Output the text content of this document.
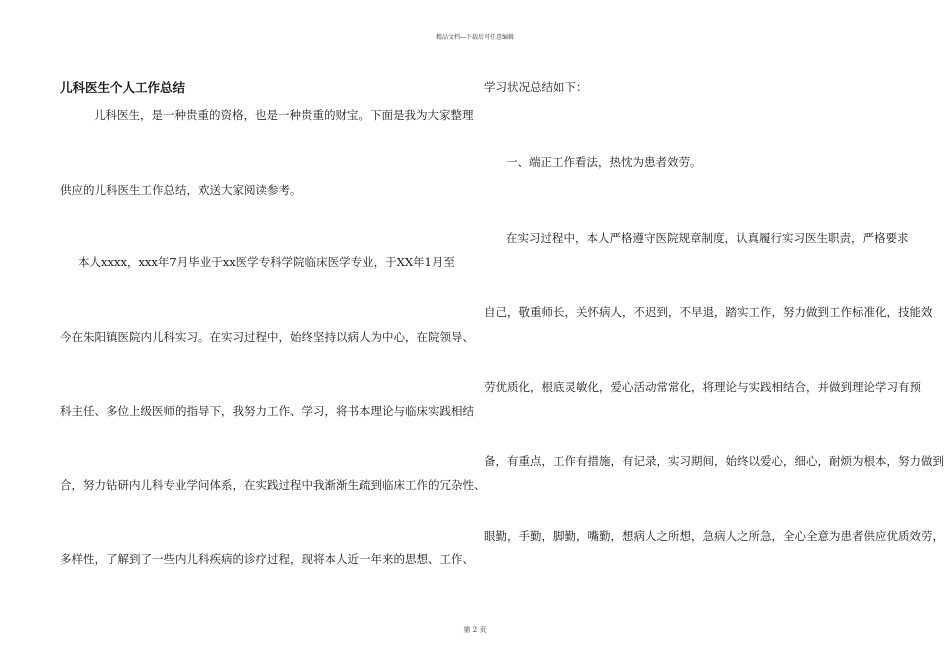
精品文档---下载后可任意编辑
儿科医生个人工作总结
儿科医生，是一种贵重的资格，也是一种贵重的财宝。下面是我为大家整理
供应的儿科医生工作总结，欢送大家阅读参考。
本人xxxx，xxx年7月毕业于xx医学专科学院临床医学专业，于XX年1月至
今在朱阳镇医院内儿科实习。在实习过程中，始终坚持以病人为中心，在院领导、
科主任、多位上级医师的指导下，我努力工作、学习，将书本理论与临床实践相结
合，努力钻研内儿科专业学问体系，在实践过程中我渐渐生疏到临床工作的冗杂性、
多样性，了解到了一些内儿科疾病的诊疗过程，现将本人近一年来的思想、工作、
学习状况总结如下：
一、端正工作看法，热忱为患者效劳。
在实习过程中，本人严格遵守医院规章制度，认真履行实习医生职责，严格要求
自己，敬重师长，关怀病人，不迟到，不早退，踏实工作，努力做到工作标准化，技能效
劳优质化，根底灵敏化，爱心活动常常化，将理论与实践相结合，并做到理论学习有预
备，有重点，工作有措施，有记录，实习期间，始终以爱心，细心，耐烦为根本，努力做到
眼勤，手勤，脚勤，嘴勤，想病人之所想，急病人之所急，全心全意为患者供应优质效劳，
第 2 页
